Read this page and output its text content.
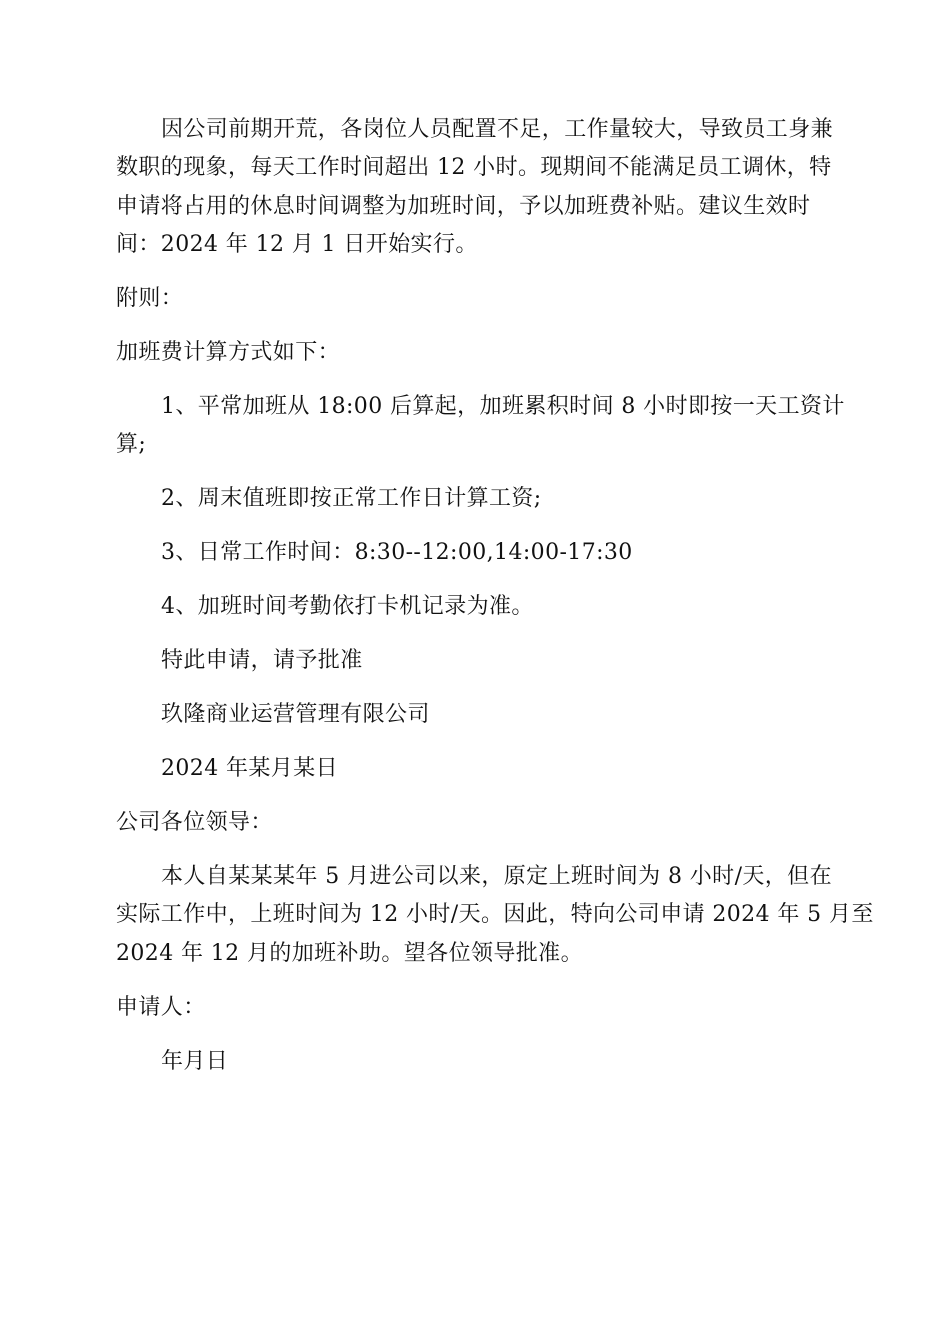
因公司前期开荒，各岗位人员配置不足，工作量较大，导致员工身兼
数职的现象，每天工作时间超出 12 小时。现期间不能满足员工调休，特
申请将占用的休息时间调整为加班时间，予以加班费补贴。建议生效时
间：2024 年 12 月 1 日开始实行。
附则：
加班费计算方式如下：
1、平常加班从 18:00 后算起，加班累积时间 8 小时即按一天工资计
算;
2、周末值班即按正常工作日计算工资;
3、日常工作时间：8:30--12:00,14:00-17:30
4、加班时间考勤依打卡机记录为准。
特此申请，请予批准
玖隆商业运营管理有限公司
2024 年某月某日
公司各位领导：
本人自某某某年 5 月进公司以来，原定上班时间为 8 小时/天，但在
实际工作中，上班时间为 12 小时/天。因此，特向公司申请 2024 年 5 月至
2024 年 12 月的加班补助。望各位领导批准。
申请人：
年月日
